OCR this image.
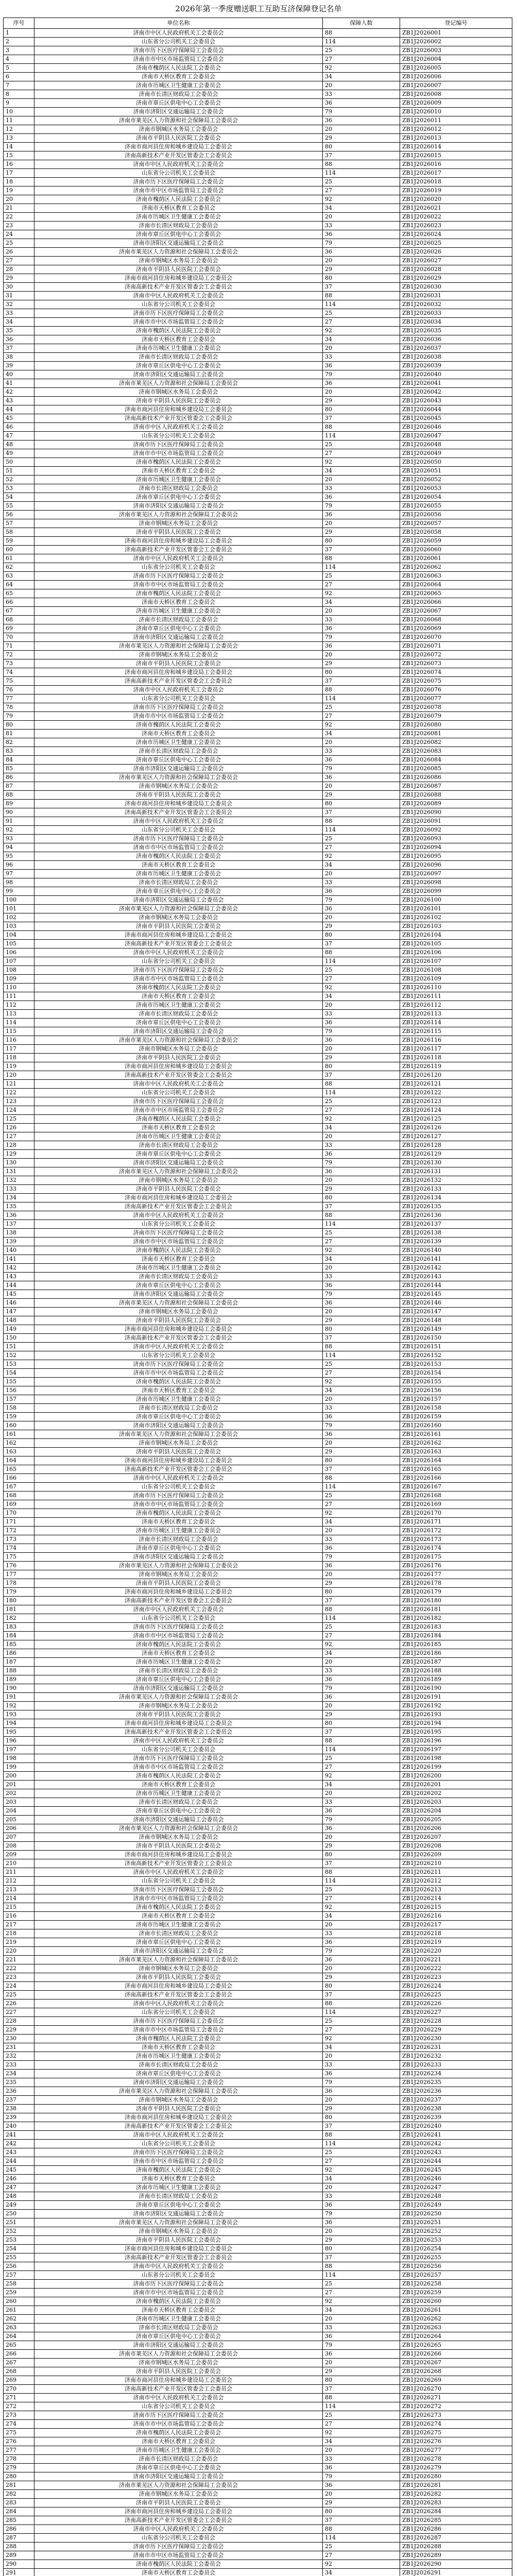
2026年第一季度赠送职工互助互济保障登记名单
序号	单位名称	保障人数	登记编号
1	济南市中区人民政府机关工会委员会	88	ZB1J2026001
2	山东省分公司机关工会委员会	114	ZB1J2026002
3	济南市历下区医疗保障局工会委员会	25	ZB1J2026003
4	济南市市中区市场监管局工会委员会	27	ZB1J2026004
5	济南市槐荫区人民法院工会委员会	92	ZB1J2026005
6	济南市天桥区教育工会委员会	34	ZB1J2026006
7	济南市历城区卫生健康工会委员会	20	ZB1J2026007
8	济南市长清区财政局工会委员会	33	ZB1J2026008
9	济南市章丘区供电中心工会委员会	36	ZB1J2026009
10	济南市济阳区交通运输局工会委员会	79	ZB1J2026010
11	济南市莱芜区人力资源和社会保障局工会委员会	36	ZB1J2026011
12	济南市钢城区水务局工会委员会	20	ZB1J2026012
13	济南市平阴县人民医院工会委员会	29	ZB1J2026013
14	济南市商河县住房和城乡建设局工会委员会	80	ZB1J2026014
15	济南高新技术产业开发区管委会工会委员会	37	ZB1J2026015
16	济南市中区人民政府机关工会委员会	88	ZB1J2026016
17	山东省分公司机关工会委员会	114	ZB1J2026017
18	济南市历下区医疗保障局工会委员会	25	ZB1J2026018
19	济南市市中区市场监管局工会委员会	27	ZB1J2026019
20	济南市槐荫区人民法院工会委员会	92	ZB1J2026020
21	济南市天桥区教育工会委员会	34	ZB1J2026021
22	济南市历城区卫生健康工会委员会	20	ZB1J2026022
23	济南市长清区财政局工会委员会	33	ZB1J2026023
24	济南市章丘区供电中心工会委员会	36	ZB1J2026024
25	济南市济阳区交通运输局工会委员会	79	ZB1J2026025
26	济南市莱芜区人力资源和社会保障局工会委员会	36	ZB1J2026026
27	济南市钢城区水务局工会委员会	20	ZB1J2026027
28	济南市平阴县人民医院工会委员会	29	ZB1J2026028
29	济南市商河县住房和城乡建设局工会委员会	80	ZB1J2026029
30	济南高新技术产业开发区管委会工会委员会	37	ZB1J2026030
31	济南市中区人民政府机关工会委员会	88	ZB1J2026031
32	山东省分公司机关工会委员会	114	ZB1J2026032
33	济南市历下区医疗保障局工会委员会	25	ZB1J2026033
34	济南市市中区市场监管局工会委员会	27	ZB1J2026034
35	济南市槐荫区人民法院工会委员会	92	ZB1J2026035
36	济南市天桥区教育工会委员会	34	ZB1J2026036
37	济南市历城区卫生健康工会委员会	20	ZB1J2026037
38	济南市长清区财政局工会委员会	33	ZB1J2026038
39	济南市章丘区供电中心工会委员会	36	ZB1J2026039
40	济南市济阳区交通运输局工会委员会	79	ZB1J2026040
41	济南市莱芜区人力资源和社会保障局工会委员会	36	ZB1J2026041
42	济南市钢城区水务局工会委员会	20	ZB1J2026042
43	济南市平阴县人民医院工会委员会	29	ZB1J2026043
44	济南市商河县住房和城乡建设局工会委员会	80	ZB1J2026044
45	济南高新技术产业开发区管委会工会委员会	37	ZB1J2026045
46	济南市中区人民政府机关工会委员会	88	ZB1J2026046
47	山东省分公司机关工会委员会	114	ZB1J2026047
48	济南市历下区医疗保障局工会委员会	25	ZB1J2026048
49	济南市市中区市场监管局工会委员会	27	ZB1J2026049
50	济南市槐荫区人民法院工会委员会	92	ZB1J2026050
51	济南市天桥区教育工会委员会	34	ZB1J2026051
52	济南市历城区卫生健康工会委员会	20	ZB1J2026052
53	济南市长清区财政局工会委员会	33	ZB1J2026053
54	济南市章丘区供电中心工会委员会	36	ZB1J2026054
55	济南市济阳区交通运输局工会委员会	79	ZB1J2026055
56	济南市莱芜区人力资源和社会保障局工会委员会	36	ZB1J2026056
57	济南市钢城区水务局工会委员会	20	ZB1J2026057
58	济南市平阴县人民医院工会委员会	29	ZB1J2026058
59	济南市商河县住房和城乡建设局工会委员会	80	ZB1J2026059
60	济南高新技术产业开发区管委会工会委员会	37	ZB1J2026060
61	济南市中区人民政府机关工会委员会	88	ZB1J2026061
62	山东省分公司机关工会委员会	114	ZB1J2026062
63	济南市历下区医疗保障局工会委员会	25	ZB1J2026063
64	济南市市中区市场监管局工会委员会	27	ZB1J2026064
65	济南市槐荫区人民法院工会委员会	92	ZB1J2026065
66	济南市天桥区教育工会委员会	34	ZB1J2026066
67	济南市历城区卫生健康工会委员会	20	ZB1J2026067
68	济南市长清区财政局工会委员会	33	ZB1J2026068
69	济南市章丘区供电中心工会委员会	36	ZB1J2026069
70	济南市济阳区交通运输局工会委员会	79	ZB1J2026070
71	济南市莱芜区人力资源和社会保障局工会委员会	36	ZB1J2026071
72	济南市钢城区水务局工会委员会	20	ZB1J2026072
73	济南市平阴县人民医院工会委员会	29	ZB1J2026073
74	济南市商河县住房和城乡建设局工会委员会	80	ZB1J2026074
75	济南高新技术产业开发区管委会工会委员会	37	ZB1J2026075
76	济南市中区人民政府机关工会委员会	88	ZB1J2026076
77	山东省分公司机关工会委员会	114	ZB1J2026077
78	济南市历下区医疗保障局工会委员会	25	ZB1J2026078
79	济南市市中区市场监管局工会委员会	27	ZB1J2026079
80	济南市槐荫区人民法院工会委员会	92	ZB1J2026080
81	济南市天桥区教育工会委员会	34	ZB1J2026081
82	济南市历城区卫生健康工会委员会	20	ZB1J2026082
83	济南市长清区财政局工会委员会	33	ZB1J2026083
84	济南市章丘区供电中心工会委员会	36	ZB1J2026084
85	济南市济阳区交通运输局工会委员会	79	ZB1J2026085
86	济南市莱芜区人力资源和社会保障局工会委员会	36	ZB1J2026086
87	济南市钢城区水务局工会委员会	20	ZB1J2026087
88	济南市平阴县人民医院工会委员会	29	ZB1J2026088
89	济南市商河县住房和城乡建设局工会委员会	80	ZB1J2026089
90	济南高新技术产业开发区管委会工会委员会	37	ZB1J2026090
91	济南市中区人民政府机关工会委员会	88	ZB1J2026091
92	山东省分公司机关工会委员会	114	ZB1J2026092
93	济南市历下区医疗保障局工会委员会	25	ZB1J2026093
94	济南市市中区市场监管局工会委员会	27	ZB1J2026094
95	济南市槐荫区人民法院工会委员会	92	ZB1J2026095
96	济南市天桥区教育工会委员会	34	ZB1J2026096
97	济南市历城区卫生健康工会委员会	20	ZB1J2026097
98	济南市长清区财政局工会委员会	33	ZB1J2026098
99	济南市章丘区供电中心工会委员会	36	ZB1J2026099
100	济南市济阳区交通运输局工会委员会	79	ZB1J2026100
101	济南市莱芜区人力资源和社会保障局工会委员会	36	ZB1J2026101
102	济南市钢城区水务局工会委员会	20	ZB1J2026102
103	济南市平阴县人民医院工会委员会	29	ZB1J2026103
104	济南市商河县住房和城乡建设局工会委员会	80	ZB1J2026104
105	济南高新技术产业开发区管委会工会委员会	37	ZB1J2026105
106	济南市中区人民政府机关工会委员会	88	ZB1J2026106
107	山东省分公司机关工会委员会	114	ZB1J2026107
108	济南市历下区医疗保障局工会委员会	25	ZB1J2026108
109	济南市市中区市场监管局工会委员会	27	ZB1J2026109
110	济南市槐荫区人民法院工会委员会	92	ZB1J2026110
111	济南市天桥区教育工会委员会	34	ZB1J2026111
112	济南市历城区卫生健康工会委员会	20	ZB1J2026112
113	济南市长清区财政局工会委员会	33	ZB1J2026113
114	济南市章丘区供电中心工会委员会	36	ZB1J2026114
115	济南市济阳区交通运输局工会委员会	79	ZB1J2026115
116	济南市莱芜区人力资源和社会保障局工会委员会	36	ZB1J2026116
117	济南市钢城区水务局工会委员会	20	ZB1J2026117
118	济南市平阴县人民医院工会委员会	29	ZB1J2026118
119	济南市商河县住房和城乡建设局工会委员会	80	ZB1J2026119
120	济南高新技术产业开发区管委会工会委员会	37	ZB1J2026120
121	济南市中区人民政府机关工会委员会	88	ZB1J2026121
122	山东省分公司机关工会委员会	114	ZB1J2026122
123	济南市历下区医疗保障局工会委员会	25	ZB1J2026123
124	济南市市中区市场监管局工会委员会	27	ZB1J2026124
125	济南市槐荫区人民法院工会委员会	92	ZB1J2026125
126	济南市天桥区教育工会委员会	34	ZB1J2026126
127	济南市历城区卫生健康工会委员会	20	ZB1J2026127
128	济南市长清区财政局工会委员会	33	ZB1J2026128
129	济南市章丘区供电中心工会委员会	36	ZB1J2026129
130	济南市济阳区交通运输局工会委员会	79	ZB1J2026130
131	济南市莱芜区人力资源和社会保障局工会委员会	36	ZB1J2026131
132	济南市钢城区水务局工会委员会	20	ZB1J2026132
133	济南市平阴县人民医院工会委员会	29	ZB1J2026133
134	济南市商河县住房和城乡建设局工会委员会	80	ZB1J2026134
135	济南高新技术产业开发区管委会工会委员会	37	ZB1J2026135
136	济南市中区人民政府机关工会委员会	88	ZB1J2026136
137	山东省分公司机关工会委员会	114	ZB1J2026137
138	济南市历下区医疗保障局工会委员会	25	ZB1J2026138
139	济南市市中区市场监管局工会委员会	27	ZB1J2026139
140	济南市槐荫区人民法院工会委员会	92	ZB1J2026140
141	济南市天桥区教育工会委员会	34	ZB1J2026141
142	济南市历城区卫生健康工会委员会	20	ZB1J2026142
143	济南市长清区财政局工会委员会	33	ZB1J2026143
144	济南市章丘区供电中心工会委员会	36	ZB1J2026144
145	济南市济阳区交通运输局工会委员会	79	ZB1J2026145
146	济南市莱芜区人力资源和社会保障局工会委员会	36	ZB1J2026146
147	济南市钢城区水务局工会委员会	20	ZB1J2026147
148	济南市平阴县人民医院工会委员会	29	ZB1J2026148
149	济南市商河县住房和城乡建设局工会委员会	80	ZB1J2026149
150	济南高新技术产业开发区管委会工会委员会	37	ZB1J2026150
151	济南市中区人民政府机关工会委员会	88	ZB1J2026151
152	山东省分公司机关工会委员会	114	ZB1J2026152
153	济南市历下区医疗保障局工会委员会	25	ZB1J2026153
154	济南市市中区市场监管局工会委员会	27	ZB1J2026154
155	济南市槐荫区人民法院工会委员会	92	ZB1J2026155
156	济南市天桥区教育工会委员会	34	ZB1J2026156
157	济南市历城区卫生健康工会委员会	20	ZB1J2026157
158	济南市长清区财政局工会委员会	33	ZB1J2026158
159	济南市章丘区供电中心工会委员会	36	ZB1J2026159
160	济南市济阳区交通运输局工会委员会	79	ZB1J2026160
161	济南市莱芜区人力资源和社会保障局工会委员会	36	ZB1J2026161
162	济南市钢城区水务局工会委员会	20	ZB1J2026162
163	济南市平阴县人民医院工会委员会	29	ZB1J2026163
164	济南市商河县住房和城乡建设局工会委员会	80	ZB1J2026164
165	济南高新技术产业开发区管委会工会委员会	37	ZB1J2026165
166	济南市中区人民政府机关工会委员会	88	ZB1J2026166
167	山东省分公司机关工会委员会	114	ZB1J2026167
168	济南市历下区医疗保障局工会委员会	25	ZB1J2026168
169	济南市市中区市场监管局工会委员会	27	ZB1J2026169
170	济南市槐荫区人民法院工会委员会	92	ZB1J2026170
171	济南市天桥区教育工会委员会	34	ZB1J2026171
172	济南市历城区卫生健康工会委员会	20	ZB1J2026172
173	济南市长清区财政局工会委员会	33	ZB1J2026173
174	济南市章丘区供电中心工会委员会	36	ZB1J2026174
175	济南市济阳区交通运输局工会委员会	79	ZB1J2026175
176	济南市莱芜区人力资源和社会保障局工会委员会	36	ZB1J2026176
177	济南市钢城区水务局工会委员会	20	ZB1J2026177
178	济南市平阴县人民医院工会委员会	29	ZB1J2026178
179	济南市商河县住房和城乡建设局工会委员会	80	ZB1J2026179
180	济南高新技术产业开发区管委会工会委员会	37	ZB1J2026180
181	济南市中区人民政府机关工会委员会	88	ZB1J2026181
182	山东省分公司机关工会委员会	114	ZB1J2026182
183	济南市历下区医疗保障局工会委员会	25	ZB1J2026183
184	济南市市中区市场监管局工会委员会	27	ZB1J2026184
185	济南市槐荫区人民法院工会委员会	92	ZB1J2026185
186	济南市天桥区教育工会委员会	34	ZB1J2026186
187	济南市历城区卫生健康工会委员会	20	ZB1J2026187
188	济南市长清区财政局工会委员会	33	ZB1J2026188
189	济南市章丘区供电中心工会委员会	36	ZB1J2026189
190	济南市济阳区交通运输局工会委员会	79	ZB1J2026190
191	济南市莱芜区人力资源和社会保障局工会委员会	36	ZB1J2026191
192	济南市钢城区水务局工会委员会	20	ZB1J2026192
193	济南市平阴县人民医院工会委员会	29	ZB1J2026193
194	济南市商河县住房和城乡建设局工会委员会	80	ZB1J2026194
195	济南高新技术产业开发区管委会工会委员会	37	ZB1J2026195
196	济南市中区人民政府机关工会委员会	88	ZB1J2026196
197	山东省分公司机关工会委员会	114	ZB1J2026197
198	济南市历下区医疗保障局工会委员会	25	ZB1J2026198
199	济南市市中区市场监管局工会委员会	27	ZB1J2026199
200	济南市槐荫区人民法院工会委员会	92	ZB1J2026200
201	济南市天桥区教育工会委员会	34	ZB1J2026201
202	济南市历城区卫生健康工会委员会	20	ZB1J2026202
203	济南市长清区财政局工会委员会	33	ZB1J2026203
204	济南市章丘区供电中心工会委员会	36	ZB1J2026204
205	济南市济阳区交通运输局工会委员会	79	ZB1J2026205
206	济南市莱芜区人力资源和社会保障局工会委员会	36	ZB1J2026206
207	济南市钢城区水务局工会委员会	20	ZB1J2026207
208	济南市平阴县人民医院工会委员会	29	ZB1J2026208
209	济南市商河县住房和城乡建设局工会委员会	80	ZB1J2026209
210	济南高新技术产业开发区管委会工会委员会	37	ZB1J2026210
211	济南市中区人民政府机关工会委员会	88	ZB1J2026211
212	山东省分公司机关工会委员会	114	ZB1J2026212
213	济南市历下区医疗保障局工会委员会	25	ZB1J2026213
214	济南市市中区市场监管局工会委员会	27	ZB1J2026214
215	济南市槐荫区人民法院工会委员会	92	ZB1J2026215
216	济南市天桥区教育工会委员会	34	ZB1J2026216
217	济南市历城区卫生健康工会委员会	20	ZB1J2026217
218	济南市长清区财政局工会委员会	33	ZB1J2026218
219	济南市章丘区供电中心工会委员会	36	ZB1J2026219
220	济南市济阳区交通运输局工会委员会	79	ZB1J2026220
221	济南市莱芜区人力资源和社会保障局工会委员会	36	ZB1J2026221
222	济南市钢城区水务局工会委员会	20	ZB1J2026222
223	济南市平阴县人民医院工会委员会	29	ZB1J2026223
224	济南市商河县住房和城乡建设局工会委员会	80	ZB1J2026224
225	济南高新技术产业开发区管委会工会委员会	37	ZB1J2026225
226	济南市中区人民政府机关工会委员会	88	ZB1J2026226
227	山东省分公司机关工会委员会	114	ZB1J2026227
228	济南市历下区医疗保障局工会委员会	25	ZB1J2026228
229	济南市市中区市场监管局工会委员会	27	ZB1J2026229
230	济南市槐荫区人民法院工会委员会	92	ZB1J2026230
231	济南市天桥区教育工会委员会	34	ZB1J2026231
232	济南市历城区卫生健康工会委员会	20	ZB1J2026232
233	济南市长清区财政局工会委员会	33	ZB1J2026233
234	济南市章丘区供电中心工会委员会	36	ZB1J2026234
235	济南市济阳区交通运输局工会委员会	79	ZB1J2026235
236	济南市莱芜区人力资源和社会保障局工会委员会	36	ZB1J2026236
237	济南市钢城区水务局工会委员会	20	ZB1J2026237
238	济南市平阴县人民医院工会委员会	29	ZB1J2026238
239	济南市商河县住房和城乡建设局工会委员会	80	ZB1J2026239
240	济南高新技术产业开发区管委会工会委员会	37	ZB1J2026240
241	济南市中区人民政府机关工会委员会	88	ZB1J2026241
242	山东省分公司机关工会委员会	114	ZB1J2026242
243	济南市历下区医疗保障局工会委员会	25	ZB1J2026243
244	济南市市中区市场监管局工会委员会	27	ZB1J2026244
245	济南市槐荫区人民法院工会委员会	92	ZB1J2026245
246	济南市天桥区教育工会委员会	34	ZB1J2026246
247	济南市历城区卫生健康工会委员会	20	ZB1J2026247
248	济南市长清区财政局工会委员会	33	ZB1J2026248
249	济南市章丘区供电中心工会委员会	36	ZB1J2026249
250	济南市济阳区交通运输局工会委员会	79	ZB1J2026250
251	济南市莱芜区人力资源和社会保障局工会委员会	36	ZB1J2026251
252	济南市钢城区水务局工会委员会	20	ZB1J2026252
253	济南市平阴县人民医院工会委员会	29	ZB1J2026253
254	济南市商河县住房和城乡建设局工会委员会	80	ZB1J2026254
255	济南高新技术产业开发区管委会工会委员会	37	ZB1J2026255
256	济南市中区人民政府机关工会委员会	88	ZB1J2026256
257	山东省分公司机关工会委员会	114	ZB1J2026257
258	济南市历下区医疗保障局工会委员会	25	ZB1J2026258
259	济南市市中区市场监管局工会委员会	27	ZB1J2026259
260	济南市槐荫区人民法院工会委员会	92	ZB1J2026260
261	济南市天桥区教育工会委员会	34	ZB1J2026261
262	济南市历城区卫生健康工会委员会	20	ZB1J2026262
263	济南市长清区财政局工会委员会	33	ZB1J2026263
264	济南市章丘区供电中心工会委员会	36	ZB1J2026264
265	济南市济阳区交通运输局工会委员会	79	ZB1J2026265
266	济南市莱芜区人力资源和社会保障局工会委员会	36	ZB1J2026266
267	济南市钢城区水务局工会委员会	20	ZB1J2026267
268	济南市平阴县人民医院工会委员会	29	ZB1J2026268
269	济南市商河县住房和城乡建设局工会委员会	80	ZB1J2026269
270	济南高新技术产业开发区管委会工会委员会	37	ZB1J2026270
271	济南市中区人民政府机关工会委员会	88	ZB1J2026271
272	山东省分公司机关工会委员会	114	ZB1J2026272
273	济南市历下区医疗保障局工会委员会	25	ZB1J2026273
274	济南市市中区市场监管局工会委员会	27	ZB1J2026274
275	济南市槐荫区人民法院工会委员会	92	ZB1J2026275
276	济南市天桥区教育工会委员会	34	ZB1J2026276
277	济南市历城区卫生健康工会委员会	20	ZB1J2026277
278	济南市长清区财政局工会委员会	33	ZB1J2026278
279	济南市章丘区供电中心工会委员会	36	ZB1J2026279
280	济南市济阳区交通运输局工会委员会	79	ZB1J2026280
281	济南市莱芜区人力资源和社会保障局工会委员会	36	ZB1J2026281
282	济南市钢城区水务局工会委员会	20	ZB1J2026282
283	济南市平阴县人民医院工会委员会	29	ZB1J2026283
284	济南市商河县住房和城乡建设局工会委员会	80	ZB1J2026284
285	济南高新技术产业开发区管委会工会委员会	37	ZB1J2026285
286	济南市中区人民政府机关工会委员会	88	ZB1J2026286
287	山东省分公司机关工会委员会	114	ZB1J2026287
288	济南市历下区医疗保障局工会委员会	25	ZB1J2026288
289	济南市市中区市场监管局工会委员会	27	ZB1J2026289
290	济南市槐荫区人民法院工会委员会	92	ZB1J2026290
291	济南市天桥区教育工会委员会	34	ZB1J2026291
